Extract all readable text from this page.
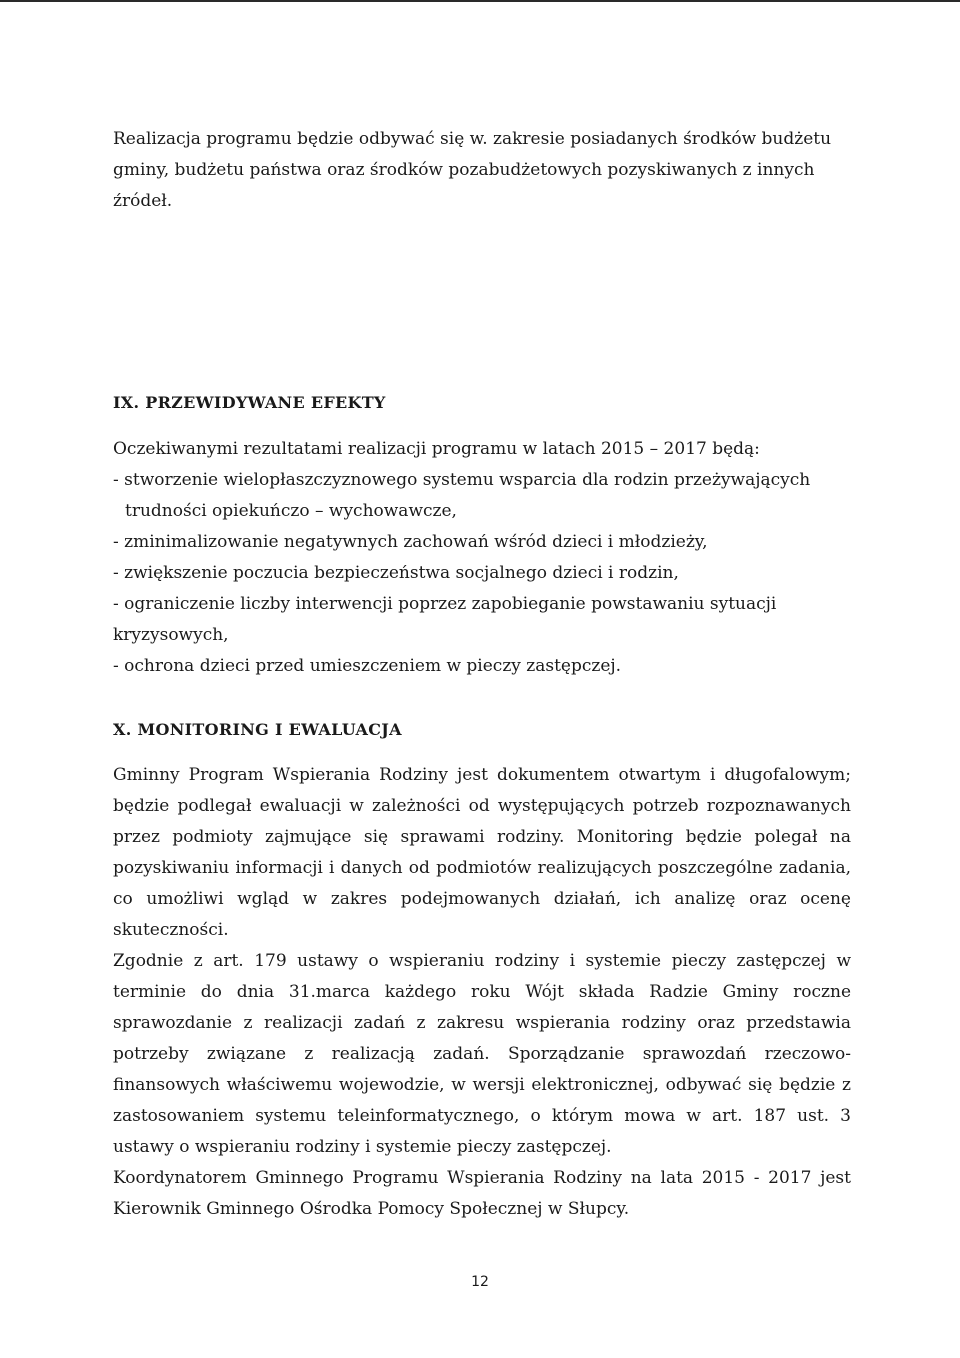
Realizacja programu będzie odbywać się w. zakresie posiadanych środków budżetu

gminy, budżetu państwa oraz środków pozabudżetowych pozyskiwanych z innych

źródeł.

IX. PRZEWIDYWANE EFEKTY

Oczekiwanymi rezultatami realizacji programu w latach 2015 – 2017 będą:

- stworzenie wielopłaszczyznowego systemu wsparcia dla rodzin przeżywających
trudności opiekuńczo – wychowawcze,

- zminimalizowanie negatywnych zachowań wśród dzieci i młodzieży,

- zwiększenie poczucia bezpieczeństwa socjalnego dzieci i rodzin,

- ograniczenie liczby interwencji poprzez zapobieganie powstawaniu sytuacji
kryzysowych,

- ochrona dzieci przed umieszczeniem w pieczy zastępczej.

X. MONITORING I EWALUACJA

Gminny Program Wspierania Rodziny jest dokumentem otwartym i długofalowym; będzie podlegał ewaluacji w zależności od występujących potrzeb rozpoznawanych przez podmioty zajmujące się sprawami rodziny. Monitoring będzie polegał na pozyskiwaniu informacji i danych od podmiotów realizujących poszczególne zadania, co umożliwi wgląd w zakres podejmowanych działań, ich analizę oraz ocenę skuteczności.

Zgodnie z art. 179 ustawy o wspieraniu rodziny i systemie pieczy zastępczej w terminie do dnia 31.marca każdego roku Wójt składa Radzie Gminy roczne sprawozdanie z realizacji zadań z zakresu wspierania rodziny oraz przedstawia potrzeby związane z realizacją zadań. Sporządzanie sprawozdań rzeczowo-finansowych właściwemu wojewodzie, w wersji elektronicznej, odbywać się będzie z zastosowaniem systemu teleinformatycznego, o którym mowa w art. 187 ust. 3 ustawy o wspieraniu rodziny i systemie pieczy zastępczej.

Koordynatorem Gminnego Programu Wspierania Rodziny na lata 2015 - 2017 jest Kierownik Gminnego Ośrodka Pomocy Społecznej w Słupcy.

12
